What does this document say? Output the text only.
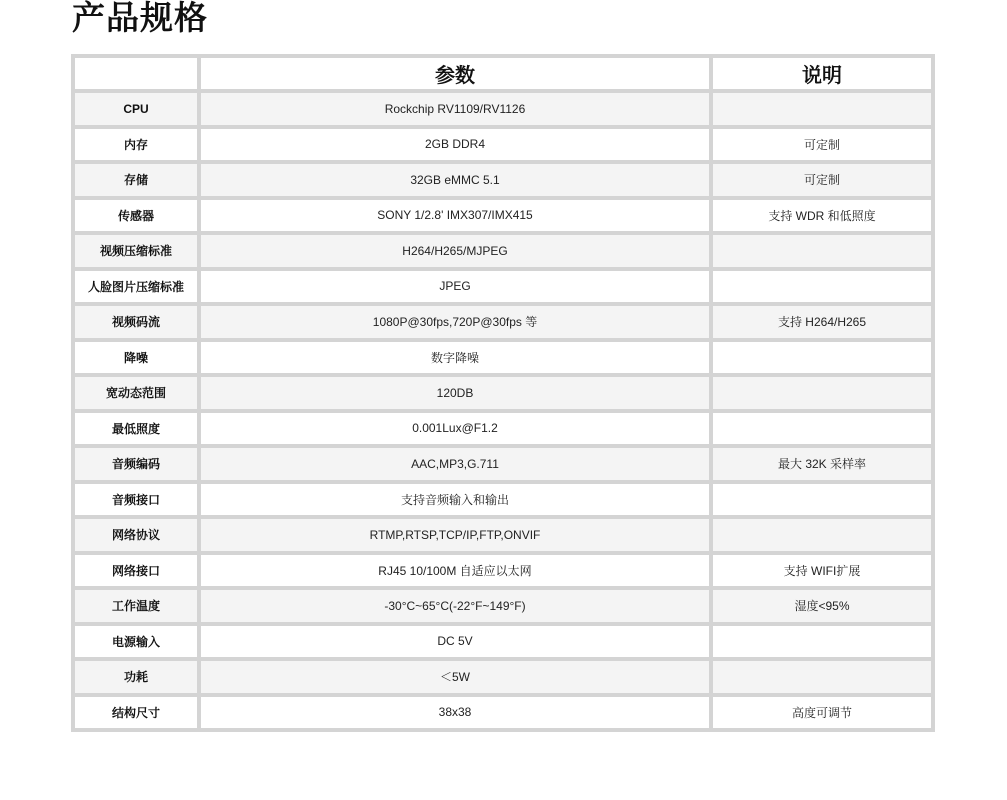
产品规格
	参数	说明
CPU	Rockchip RV1109/RV1126	
内存	2GB DDR4	可定制
存储	32GB eMMC 5.1	可定制
传感器	SONY 1/2.8' IMX307/IMX415	支持 WDR 和低照度
视频压缩标准	H264/H265/MJPEG	
人脸图片压缩标准	JPEG	
视频码流	1080P@30fps,720P@30fps 等	支持 H264/H265
降噪	数字降噪	
宽动态范围	120DB	
最低照度	0.001Lux@F1.2	
音频编码	AAC,MP3,G.711	最大 32K 采样率
音频接口	支持音频输入和输出	
网络协议	RTMP,RTSP,TCP/IP,FTP,ONVIF	
网络接口	RJ45 10/100M 自适应以太网	支持 WIFI扩展
工作温度	-30°C~65°C(-22°F~149°F)	湿度<95%
电源输入	DC 5V	
功耗	＜5W	
结构尺寸	38x38	高度可调节
